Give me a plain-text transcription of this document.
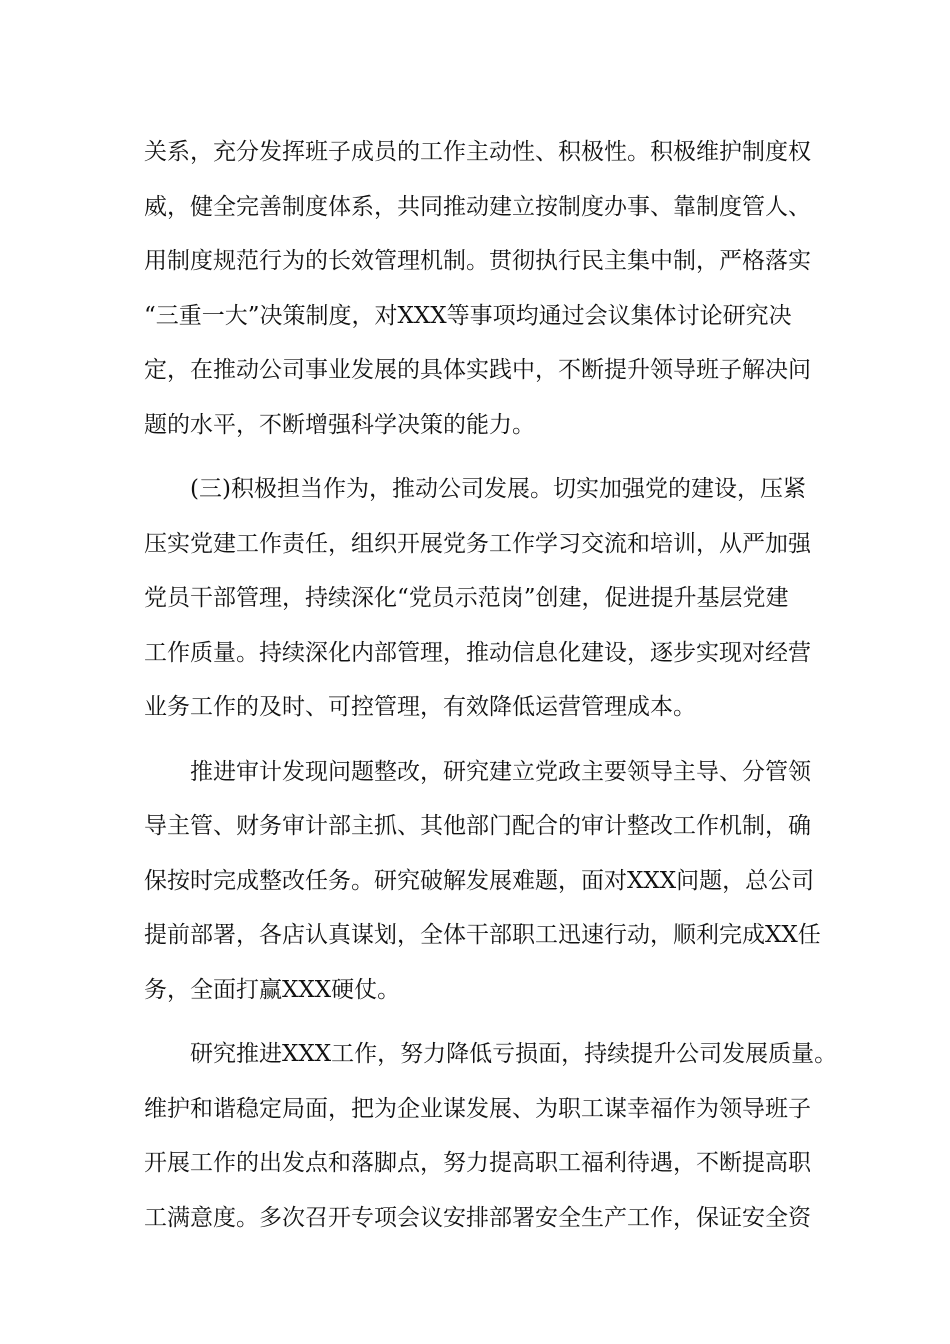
关系，充分发挥班子成员的工作主动性、积极性。积极维护制度权
威，健全完善制度体系，共同推动建立按制度办事、靠制度管人、
用制度规范行为的长效管理机制。贯彻执行民主集中制，严格落实
“三重一大”决策制度，对XXX等事项均通过会议集体讨论研究决
定，在推动公司事业发展的具体实践中，不断提升领导班子解决问
题的水平，不断增强科学决策的能力。
　　(三)积极担当作为，推动公司发展。切实加强党的建设，压紧
压实党建工作责任，组织开展党务工作学习交流和培训，从严加强
党员干部管理，持续深化“党员示范岗”创建，促进提升基层党建
工作质量。持续深化内部管理，推动信息化建设，逐步实现对经营
业务工作的及时、可控管理，有效降低运营管理成本。
　　推进审计发现问题整改，研究建立党政主要领导主导、分管领
导主管、财务审计部主抓、其他部门配合的审计整改工作机制，确
保按时完成整改任务。研究破解发展难题，面对XXX问题，总公司
提前部署，各店认真谋划，全体干部职工迅速行动，顺利完成XX任
务，全面打赢XXX硬仗。
　　研究推进XXX工作，努力降低亏损面，持续提升公司发展质量。
维护和谐稳定局面，把为企业谋发展、为职工谋幸福作为领导班子
开展工作的出发点和落脚点，努力提高职工福利待遇，不断提高职
工满意度。多次召开专项会议安排部署安全生产工作，保证安全资
